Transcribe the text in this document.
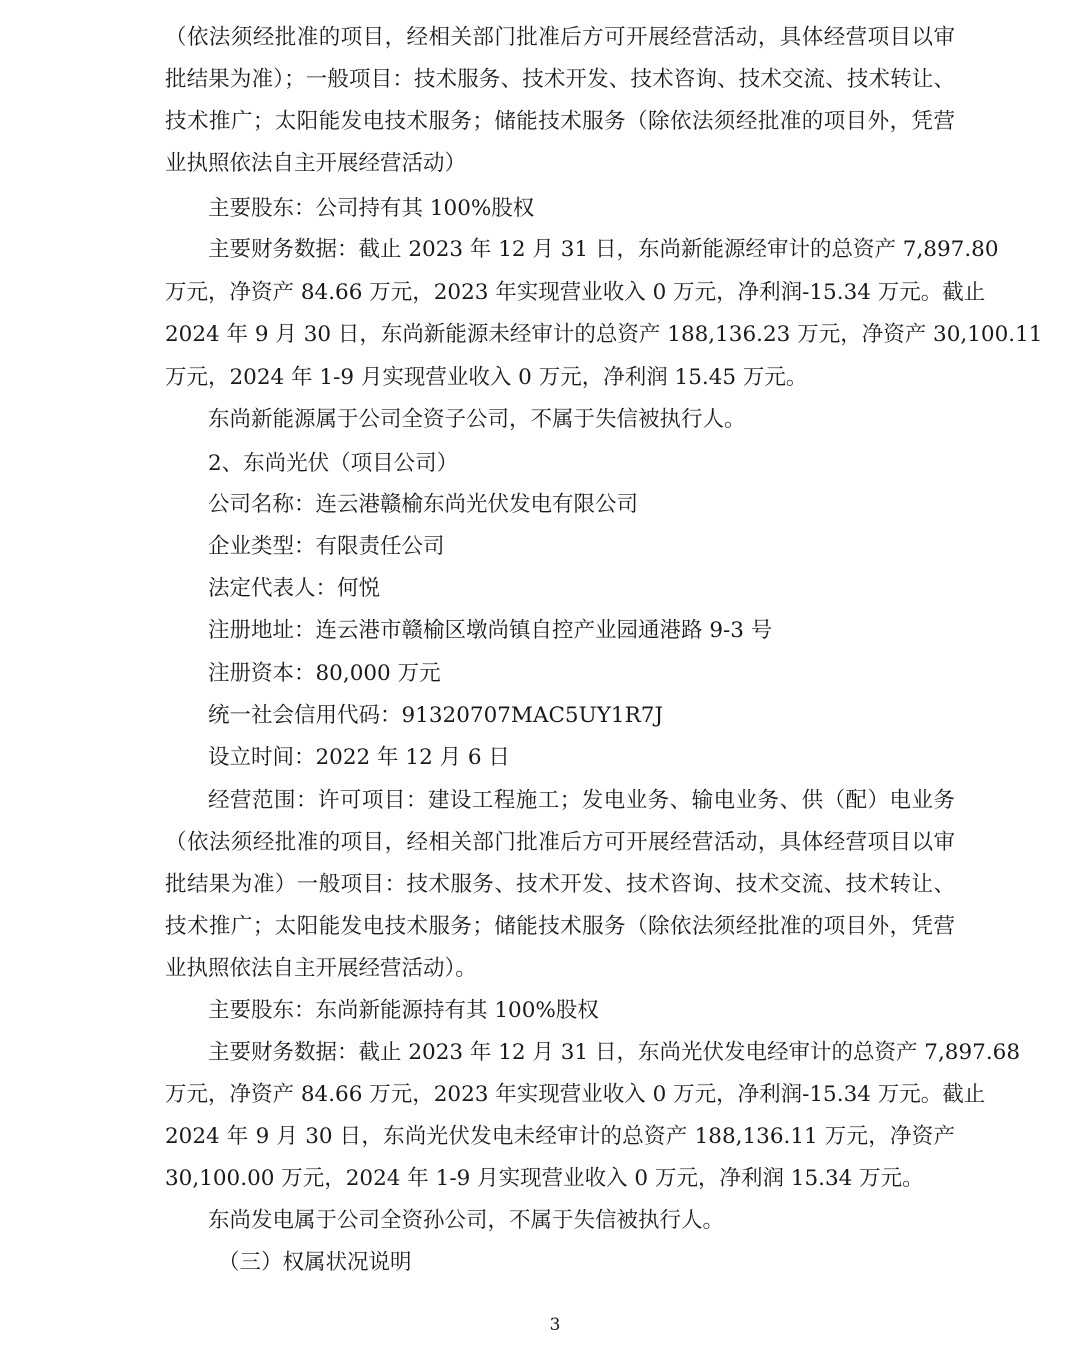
（依法须经批准的项目，经相关部门批准后方可开展经营活动，具体经营项目以审
批结果为准）；一般项目：技术服务、技术开发、技术咨询、技术交流、技术转让、
技术推广；太阳能发电技术服务；储能技术服务（除依法须经批准的项目外，凭营
业执照依法自主开展经营活动）
主要股东：公司持有其 100%股权
主要财务数据：截止 2023 年 12 月 31 日，东尚新能源经审计的总资产 7,897.80
万元，净资产 84.66 万元，2023 年实现营业收入 0 万元，净利润-15.34 万元。截止
2024 年 9 月 30 日，东尚新能源未经审计的总资产 188,136.23 万元，净资产 30,100.11
万元，2024 年 1-9 月实现营业收入 0 万元，净利润 15.45 万元。
东尚新能源属于公司全资子公司，不属于失信被执行人。
2、东尚光伏（项目公司）
公司名称：连云港赣榆东尚光伏发电有限公司
企业类型：有限责任公司
法定代表人：何悦
注册地址：连云港市赣榆区墩尚镇自控产业园通港路 9-3 号
注册资本：80,000 万元
统一社会信用代码：91320707MAC5UY1R7J
设立时间：2022 年 12 月 6 日
经营范围：许可项目：建设工程施工；发电业务、输电业务、供（配）电业务
（依法须经批准的项目，经相关部门批准后方可开展经营活动，具体经营项目以审
批结果为准）一般项目：技术服务、技术开发、技术咨询、技术交流、技术转让、
技术推广；太阳能发电技术服务；储能技术服务（除依法须经批准的项目外，凭营
业执照依法自主开展经营活动）。
主要股东：东尚新能源持有其 100%股权
主要财务数据：截止 2023 年 12 月 31 日，东尚光伏发电经审计的总资产 7,897.68
万元，净资产 84.66 万元，2023 年实现营业收入 0 万元，净利润-15.34 万元。截止
2024 年 9 月 30 日，东尚光伏发电未经审计的总资产 188,136.11 万元，净资产
30,100.00 万元，2024 年 1-9 月实现营业收入 0 万元，净利润 15.34 万元。
东尚发电属于公司全资孙公司，不属于失信被执行人。
（三）权属状况说明
3
